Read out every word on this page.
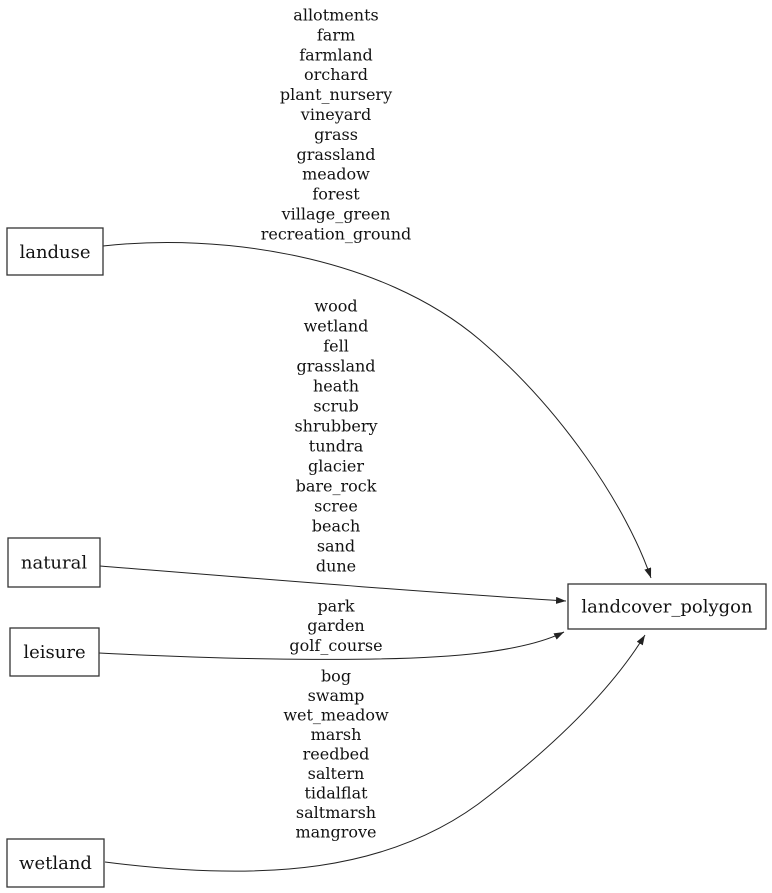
allotments
farm
farmland
orchard
plant_nursery
vineyard
grass
grassland
meadow
forest
village_green
recreation_ground
wood
wetland
fell
grassland
heath
scrub
shrubbery
tundra
glacier
bare_rock
scree
beach
sand
dune
park
garden
golf_course
bog
swamp
wet_meadow
marsh
reedbed
saltern
tidalflat
saltmarsh
mangrove
landuse
natural
leisure
wetland
landcover_polygon
